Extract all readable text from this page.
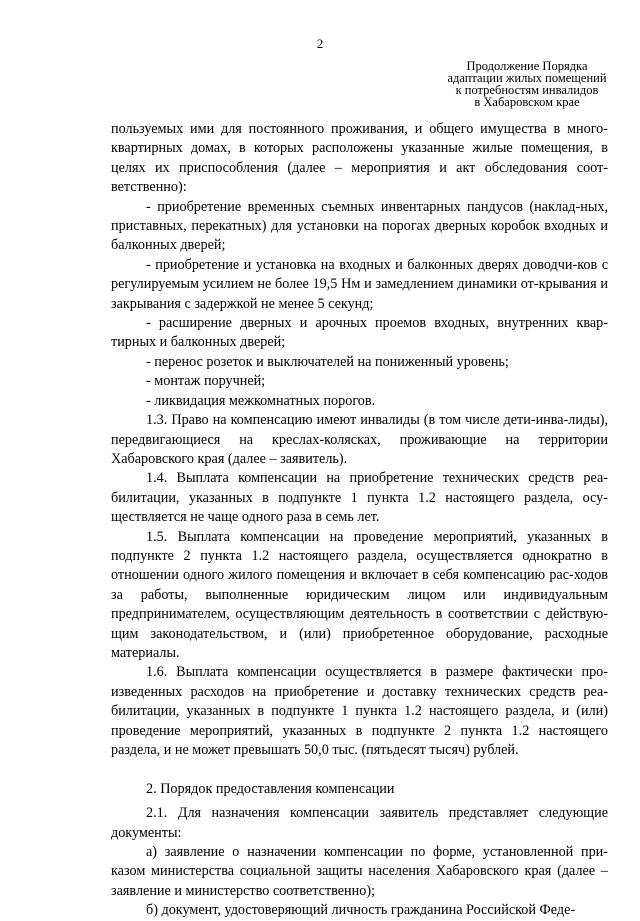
2
Продолжение Порядка
адаптации жилых помещений
к потребностям инвалидов
в Хабаровском крае

пользуемых ими для постоянного проживания, и общего имущества в много-квартирных домах, в которых расположены указанные жилые помещения, в целях их приспособления (далее – мероприятия и акт обследования соот-ветственно):

- приобретение временных съемных инвентарных пандусов (наклад-ных, приставных, перекатных) для установки на порогах дверных коробок входных и балконных дверей;

- приобретение и установка на входных и балконных дверях доводчи-ков с регулируемым усилием не более 19,5 Нм и замедлением динамики от-крывания и закрывания с задержкой не менее 5 секунд;

- расширение дверных и арочных проемов входных, внутренних квар-тирных и балконных дверей;

- перенос розеток и выключателей на пониженный уровень;

- монтаж поручней;

- ликвидация межкомнатных порогов.

1.3. Право на компенсацию имеют инвалиды (в том числе дети-инва-лиды), передвигающиеся на креслах-колясках, проживающие на территории Хабаровского края (далее – заявитель).

1.4. Выплата компенсации на приобретение технических средств реа-билитации, указанных в подпункте 1 пункта 1.2 настоящего раздела, осу-ществляется не чаще одного раза в семь лет.

1.5. Выплата компенсации на проведение мероприятий, указанных в подпункте 2 пункта 1.2 настоящего раздела, осуществляется однократно в отношении одного жилого помещения и включает в себя компенсацию рас-ходов за работы, выполненные юридическим лицом или индивидуальным предпринимателем, осуществляющим деятельность в соответствии с действую-щим законодательством, и (или) приобретенное оборудование, расходные материалы.

1.6. Выплата компенсации осуществляется в размере фактически про-изведенных расходов на приобретение и доставку технических средств реа-билитации, указанных в подпункте 1 пункта 1.2 настоящего раздела, и (или) проведение мероприятий, указанных в подпункте 2 пункта 1.2 настоящего раздела, и не может превышать 50,0 тыс. (пятьдесят тысяч) рублей.

2. Порядок предоставления компенсации

2.1. Для назначения компенсации заявитель представляет следующие документы:

а) заявление о назначении компенсации по форме, установленной при-казом министерства социальной защиты населения Хабаровского края (далее – заявление и министерство соответственно);

б) документ, удостоверяющий личность гражданина Российской Феде-
